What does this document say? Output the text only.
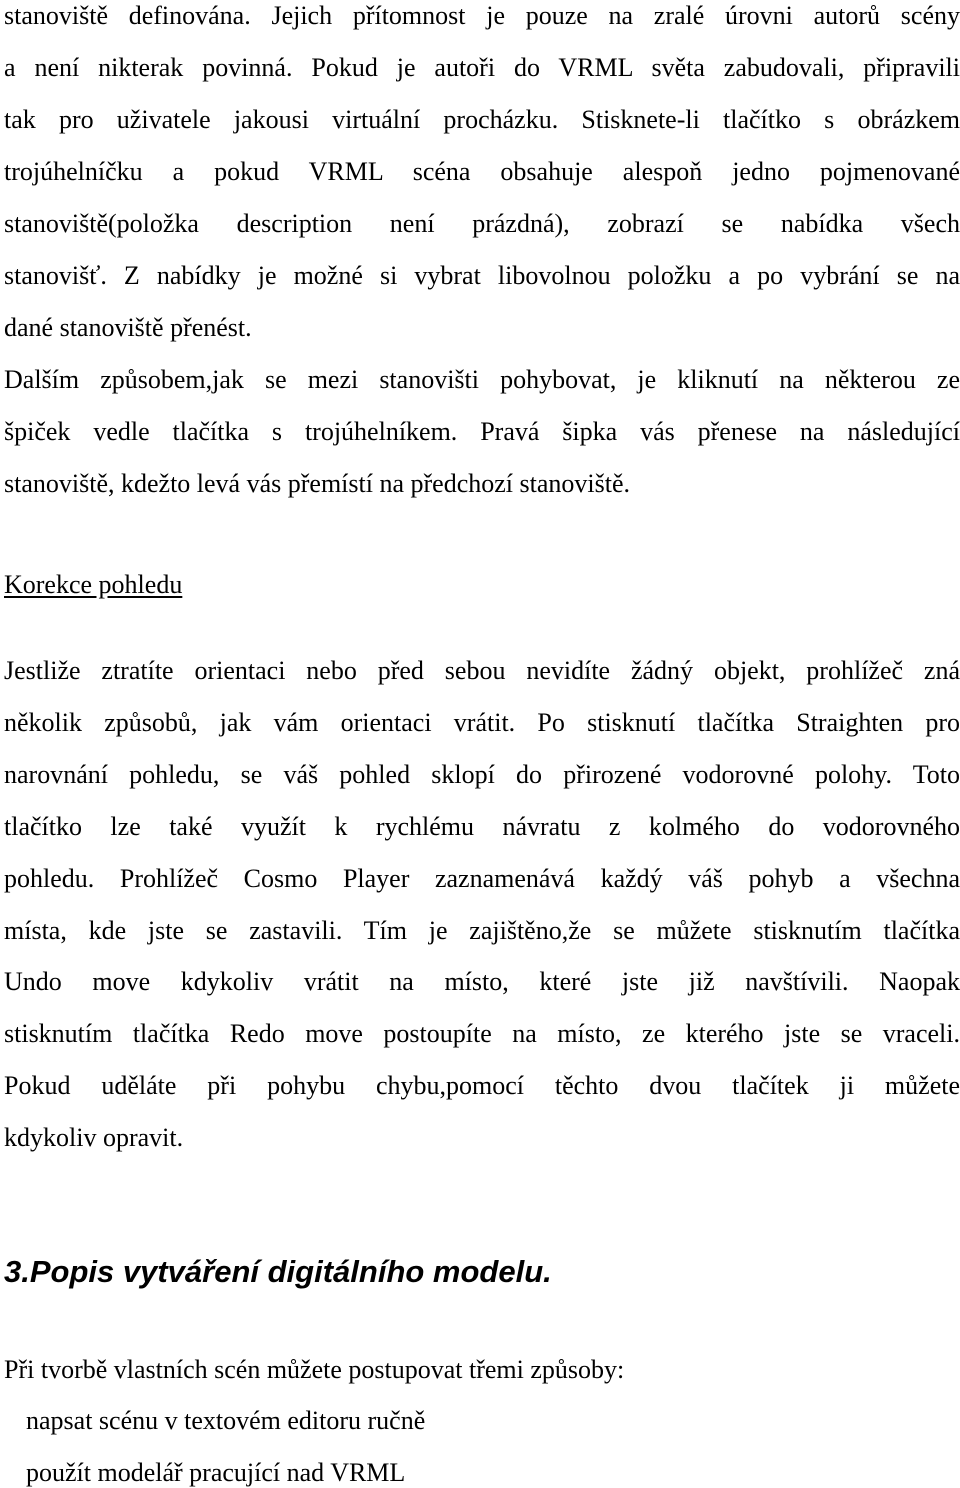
stanoviště definována. Jejich přítomnost je pouze na zralé úrovni autorů scény
a není nikterak povinná. Pokud je autoři do VRML světa zabudovali, připravili
tak pro uživatele jakousi virtuální procházku. Stisknete-li tlačítko s obrázkem
trojúhelníčku a pokud VRML scéna obsahuje alespoň jedno pojmenované
stanoviště(položka description není prázdná), zobrazí se nabídka všech
stanovišť. Z nabídky je možné si vybrat libovolnou položku a po vybrání se na
dané stanoviště přenést.
Dalším způsobem,jak se mezi stanovišti pohybovat, je kliknutí na některou ze
špiček vedle tlačítka s trojúhelníkem. Pravá šipka vás přenese na následující
stanoviště, kdežto levá vás přemístí na předchozí stanoviště.
Korekce pohledu
Jestliže ztratíte orientaci nebo před sebou nevidíte žádný objekt, prohlížeč zná
několik způsobů, jak vám orientaci vrátit. Po stisknutí tlačítka Straighten pro
narovnání pohledu, se váš pohled sklopí do přirozené vodorovné polohy. Toto
tlačítko lze také využít k rychlému návratu z kolmého do vodorovného
pohledu. Prohlížeč Cosmo Player zaznamenává každý váš pohyb a všechna
místa, kde jste se zastavili. Tím je zajištěno,že se můžete stisknutím tlačítka
Undo move kdykoliv vrátit na místo, které jste již navštívili. Naopak
stisknutím tlačítka Redo move postoupíte na místo, ze kterého jste se vraceli.
Pokud uděláte při pohybu chybu,pomocí těchto dvou tlačítek ji můžete
kdykoliv opravit.
3.Popis vytváření digitálního modelu.
Při tvorbě vlastních scén můžete postupovat třemi způsoby:
napsat scénu v textovém editoru ručně
použít modelář pracující nad VRML
